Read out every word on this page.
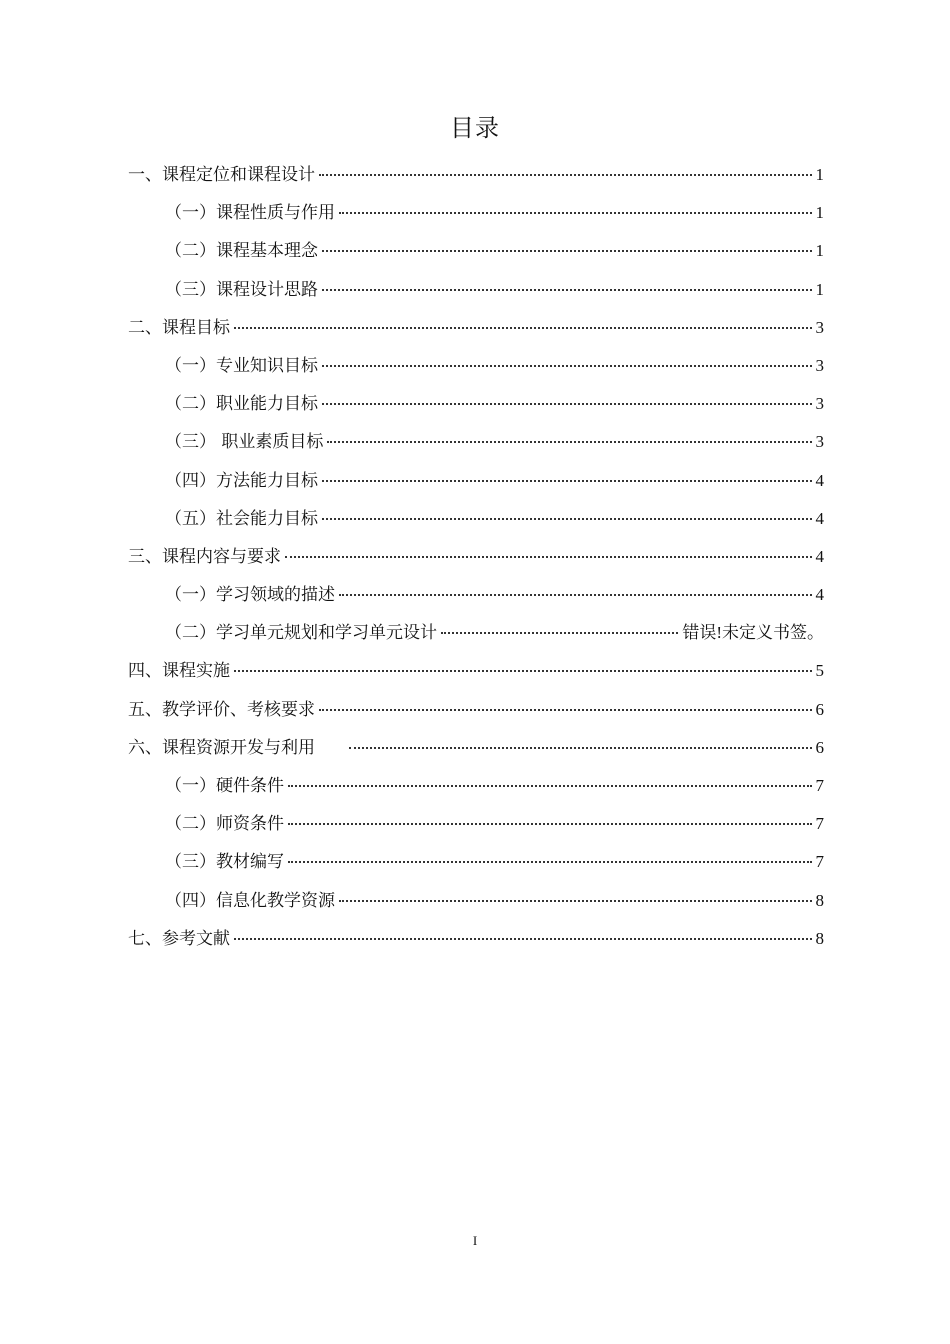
目录
一、课程定位和课程设计	1
（一）课程性质与作用	1
（二）课程基本理念	1
（三）课程设计思路	1
二、课程目标	3
（一）专业知识目标	3
（二）职业能力目标	3
（三） 职业素质目标	3
（四）方法能力目标	4
（五）社会能力目标	4
三、课程内容与要求	4
（一）学习领域的描述	4
（二）学习单元规划和学习单元设计	错误!未定义书签。
四、课程实施	5
五、教学评价、考核要求	6
六、课程资源开发与利用	6
（一）硬件条件	7
（二）师资条件	7
（三）教材编写	7
（四）信息化教学资源	8
七、参考文献	8
I
